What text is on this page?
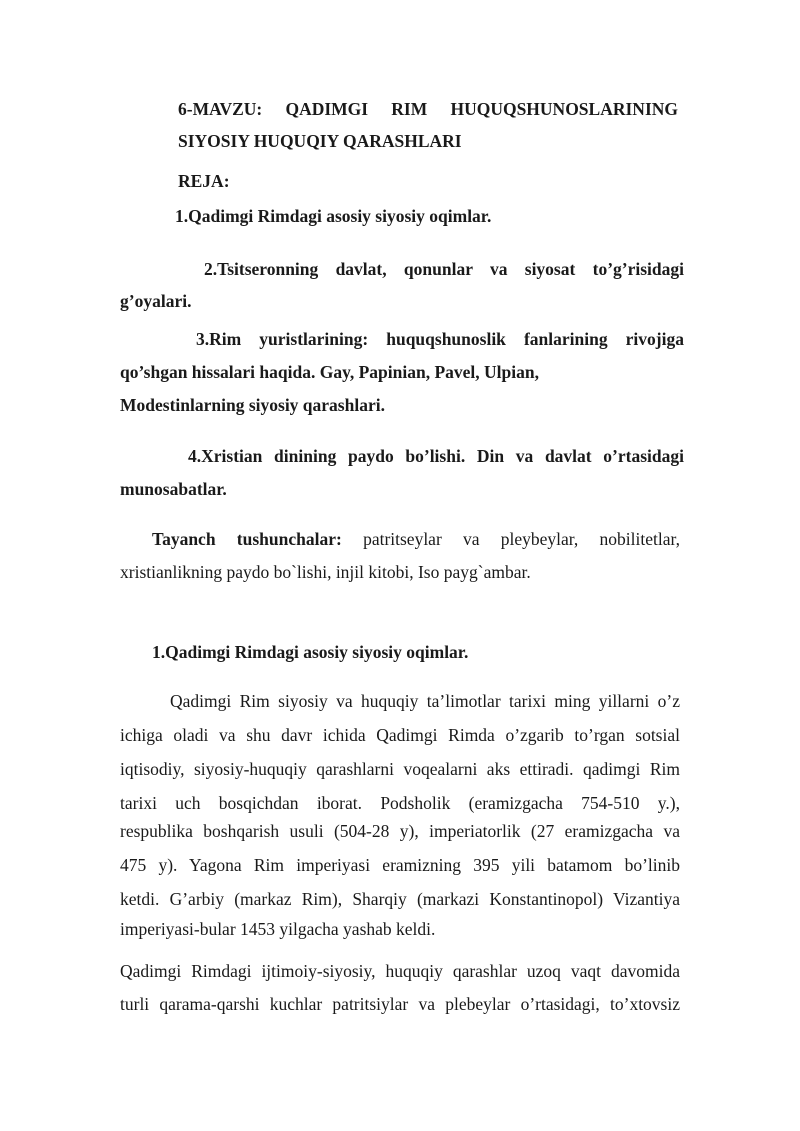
6-MAVZU: QADIMGI RIM HUQUQSHUNOSLARINING

SIYOSIY HUQUQIY QARASHLARI

REJA:

1.Qadimgi Rimdagi asosiy siyosiy oqimlar.

2.Tsitseronning davlat, qonunlar va siyosat to’g’risidagi

g’oyalari.

3.Rim yuristlarining: huquqshunoslik fanlarining rivojiga

qo’shgan hissalari haqida. Gay, Papinian, Pavel, Ulpian,

Modestinlarning siyosiy qarashlari.

4.Xristian dinining paydo bo’lishi. Din va davlat o’rtasidagi

munosabatlar.

Tayanch tushunchalar: patritseylar va pleybeylar, nobilitetlar,

xristianlikning paydo bo`lishi, injil kitobi, Iso payg`ambar.

1.Qadimgi Rimdagi asosiy siyosiy oqimlar.

Qadimgi Rim siyosiy va huquqiy ta’limotlar tarixi ming yillarni o’z

ichiga oladi va shu davr ichida Qadimgi Rimda o’zgarib to’rgan sotsial

iqtisodiy, siyosiy-huquqiy qarashlarni voqealarni aks ettiradi. qadimgi Rim

tarixi uch bosqichdan iborat. Podsholik (eramizgacha 754-510 y.),

respublika boshqarish usuli (504-28 y), imperiatorlik (27 eramizgacha va

475 y). Yagona Rim imperiyasi eramizning 395 yili batamom bo’linib

ketdi. G’arbiy (markaz Rim), Sharqiy (markazi Konstantinopol) Vizantiya

imperiyasi-bular 1453 yilgacha yashab keldi.

Qadimgi Rimdagi ijtimoiy-siyosiy, huquqiy qarashlar uzoq vaqt davomida

turli qarama-qarshi kuchlar patritsiylar va plebeylar o’rtasidagi, to’xtovsiz
